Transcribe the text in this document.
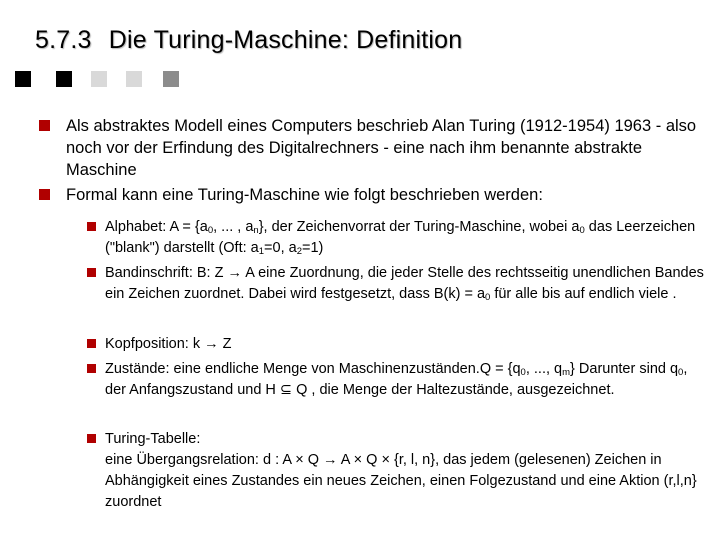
5.7.3 Die Turing-Maschine: Definition
Als abstraktes Modell eines Computers beschrieb Alan Turing (1912-1954) 1963 - also noch vor der Erfindung des Digitalrechners - eine nach ihm benannte abstrakte Maschine
Formal kann eine Turing-Maschine wie folgt beschrieben werden:
Alphabet: $A = \{a_0$, ... , $a_n$}, der Zeichenvorrat der Turing-Maschine, wobei $a_0$ das Leerzeichen ("blank") darstellt (Oft: $a_1=0$, $a_2=1$)
Bandinschrift: B: Z → A eine Zuordnung, die jeder Stelle des rechtsseitig unendlichen Bandes ein Zeichen zuordnet. Dabei wird festgesetzt, dass $B(k) = a_0$ für alle bis auf endlich viele .
Kopfposition: k → Z
Zustände: eine endliche Menge von Maschinenzuständen.Q = {$q_0$, ..., $q_m$} Darunter sind $q_0$, der Anfangszustand und H ⊆ Q , die Menge der Haltezustände, ausgezeichnet.
Turing-Tabelle:
eine Übergangsrelation: d : A × Q → A × Q × {r, l, n}, das jedem (gelesenen) Zeichen in Abhängigkeit eines Zustandes ein neues Zeichen, einen Folgezustand und eine Aktion (r,l,n} zuordnet
